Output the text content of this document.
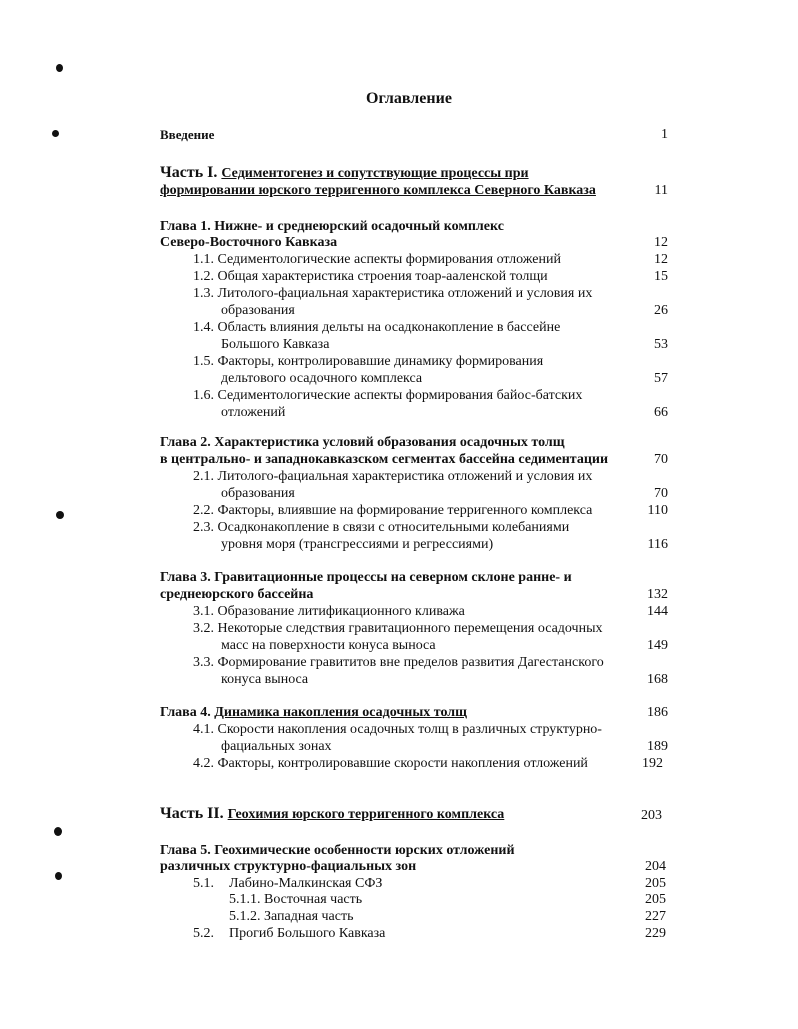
Оглавление
Введение	1
Часть I. Седиментогенез и сопутствующие процессы при
формировании юрского терригенного комплекса Северного Кавказа	11
Глава 1. Нижне- и среднеюрский осадочный комплекс
Северо-Восточного Кавказа	12
1.1. Седиментологические аспекты формирования отложений	12
1.2. Общая характеристика строения тоар-ааленской толщи	15
1.3. Литолого-фациальная характеристика отложений и условия их
образования	26
1.4. Область влияния дельты на осадконакопление в бассейне
Большого Кавказа	53
1.5. Факторы, контролировавшие динамику формирования
дельтового осадочного комплекса	57
1.6. Седиментологические аспекты формирования байос-батских
отложений	66
Глава 2. Характеристика условий образования осадочных толщ
в центрально- и западнокавказском сегментах бассейна седиментации	70
2.1. Литолого-фациальная характеристика отложений и условия их
образования	70
2.2. Факторы, влиявшие на формирование терригенного комплекса	110
2.3. Осадконакопление в связи с относительными колебаниями
уровня моря (трансгрессиями и регрессиями)	116
Глава 3. Гравитационные процессы на северном склоне ранне- и
среднеюрского бассейна	132
3.1. Образование литификационного кливажа	144
3.2. Некоторые следствия гравитационного перемещения осадочных
масс на поверхности конуса выноса	149
3.3. Формирование гравититов вне пределов развития Дагестанского
конуса выноса	168
Глава 4. Динамика накопления осадочных толщ	186
4.1. Скорости накопления осадочных толщ в различных структурно-
фациальных зонах	189
4.2. Факторы, контролировавшие скорости накопления отложений	192
Часть II. Геохимия юрского терригенного комплекса	203
Глава 5. Геохимические особенности юрских отложений
различных структурно-фациальных зон	204
5.1. Лабино-Малкинская СФЗ	205
5.1.1. Восточная часть	205
5.1.2. Западная часть	227
5.2. Прогиб Большого Кавказа	229
